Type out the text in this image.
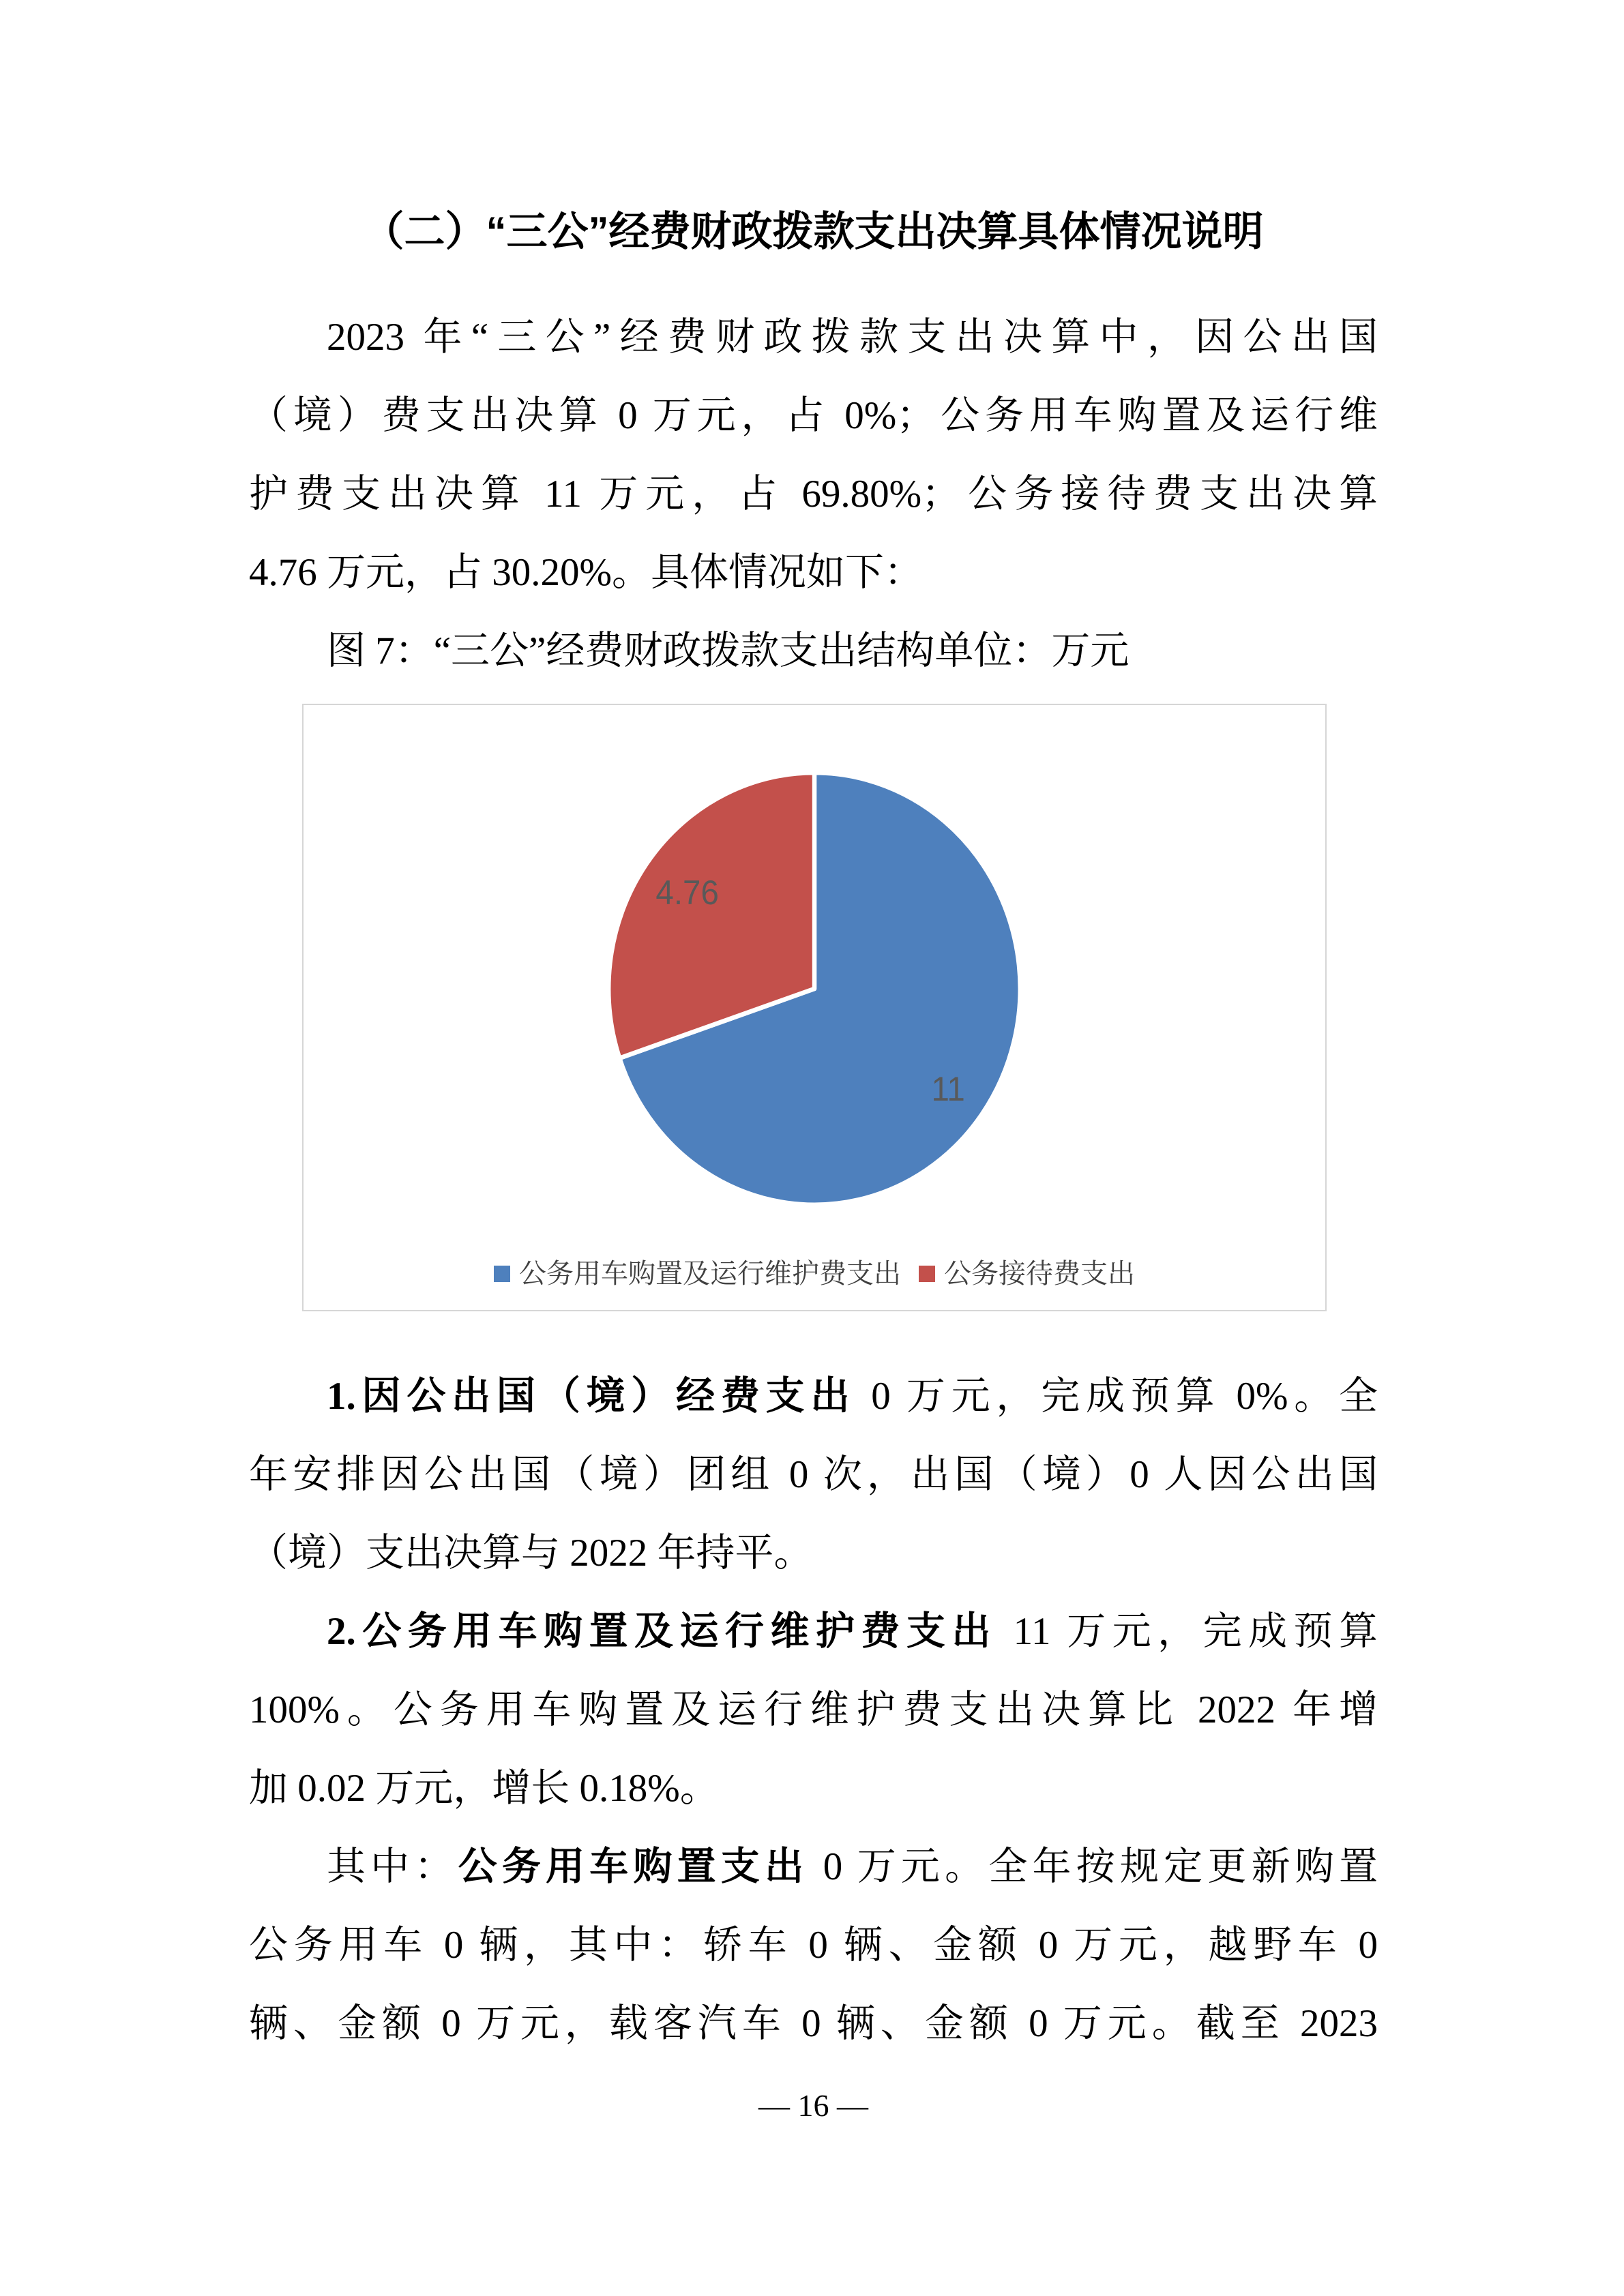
（二）“三公”经费财政拨款支出决算具体情况说明
2023 年“三公”经费财政拨款支出决算中，因公出国
（境）费支出决算 0 万元，占 0%；公务用车购置及运行维
护费支出决算 11 万元，占 69.80%；公务接待费支出决算
4.76 万元，占 30.20%。具体情况如下：
图 7：“三公”经费财政拨款支出结构单位：万元
11
4.76
公务用车购置及运行维护费支出 公务接待费支出
1.因公出国（境）经费支出 0 万元，完成预算 0%。全
年安排因公出国（境）团组 0 次，出国（境）0 人因公出国
（境）支出决算与 2022 年持平。
2.公务用车购置及运行维护费支出 11 万元，完成预算
100%。公务用车购置及运行维护费支出决算比 2022 年增
加 0.02 万元，增长 0.18%。
其中：公务用车购置支出 0 万元。全年按规定更新购置
公务用车 0 辆，其中：轿车 0 辆、金额 0 万元，越野车 0
辆、金额 0 万元，载客汽车 0 辆、金额 0 万元。截至 2023
— 16 —
